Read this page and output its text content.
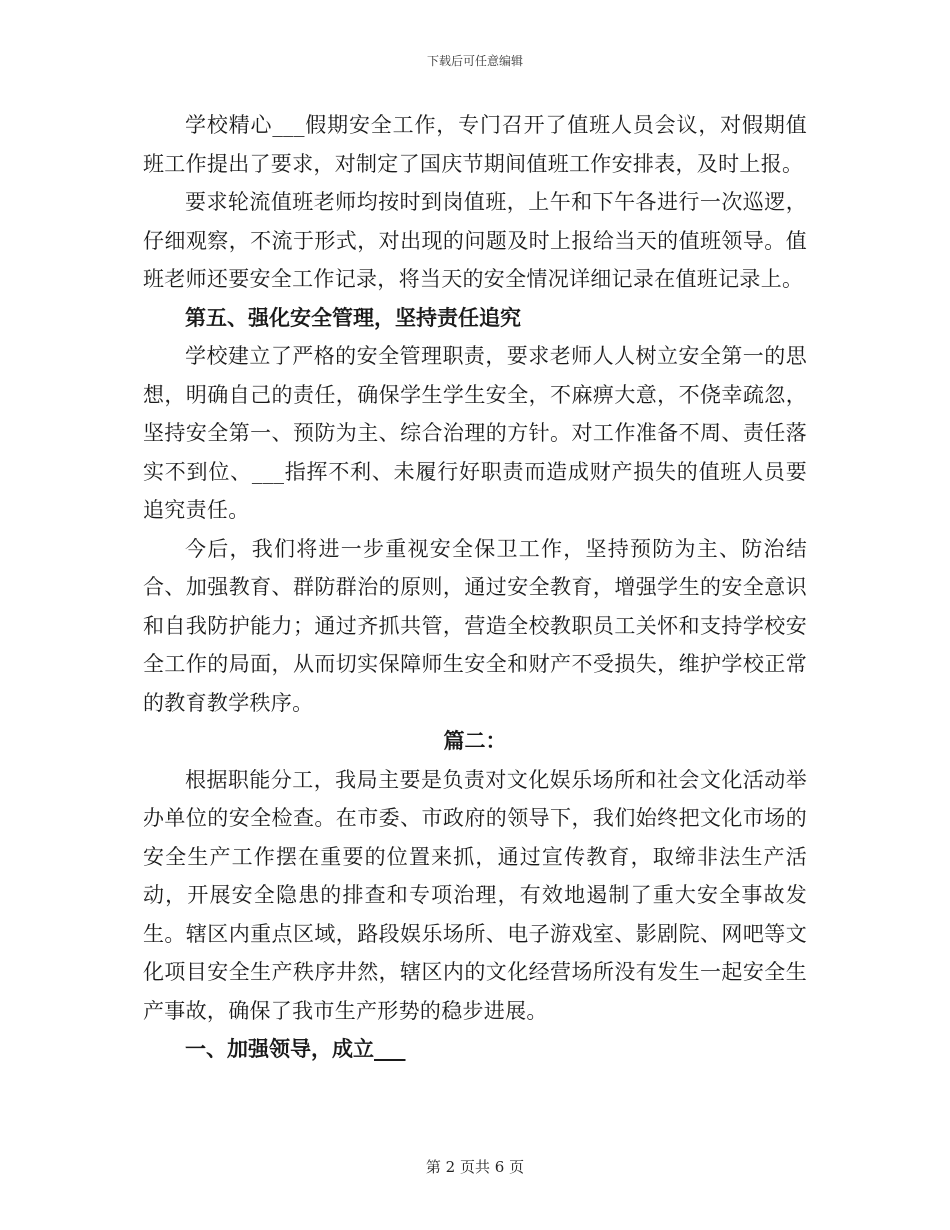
下载后可任意编辑

学校精心___假期安全工作，专门召开了值班人员会议，对假期值班工作提出了要求，对制定了国庆节期间值班工作安排表，及时上报。

要求轮流值班老师均按时到岗值班，上午和下午各进行一次巡逻，仔细观察，不流于形式，对出现的问题及时上报给当天的值班领导。值班老师还要安全工作记录，将当天的安全情况详细记录在值班记录上。

第五、强化安全管理，坚持责任追究

学校建立了严格的安全管理职责，要求老师人人树立安全第一的思想，明确自己的责任，确保学生学生安全，不麻痹大意，不侥幸疏忽，坚持安全第一、预防为主、综合治理的方针。对工作准备不周、责任落实不到位、___指挥不利、未履行好职责而造成财产损失的值班人员要追究责任。

今后，我们将进一步重视安全保卫工作，坚持预防为主、防治结合、加强教育、群防群治的原则，通过安全教育，增强学生的安全意识和自我防护能力；通过齐抓共管，营造全校教职员工关怀和支持学校安全工作的局面，从而切实保障师生安全和财产不受损失，维护学校正常的教育教学秩序。

篇二：

根据职能分工，我局主要是负责对文化娱乐场所和社会文化活动举办单位的安全检查。在市委、市政府的领导下，我们始终把文化市场的安全生产工作摆在重要的位置来抓，通过宣传教育，取缔非法生产活动，开展安全隐患的排查和专项治理，有效地遏制了重大安全事故发生。辖区内重点区域，路段娱乐场所、电子游戏室、影剧院、网吧等文化项目安全生产秩序井然，辖区内的文化经营场所没有发生一起安全生产事故，确保了我市生产形势的稳步进展。

一、加强领导，成立___

第 2 页共 6 页
